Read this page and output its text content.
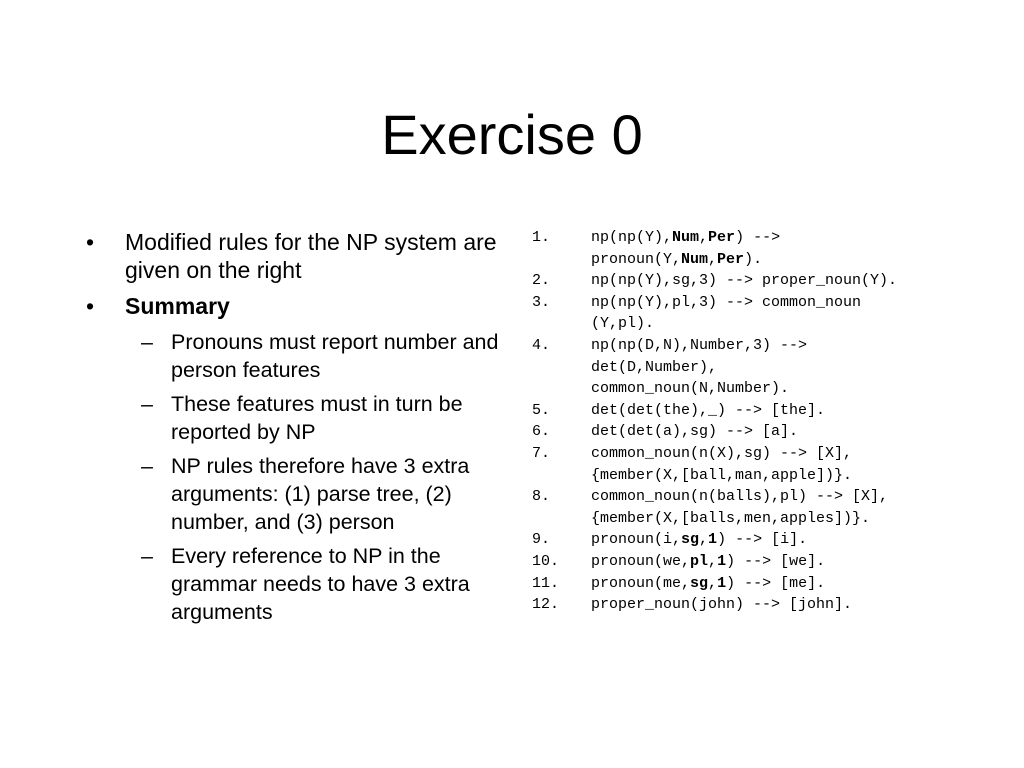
Exercise 0
•	Modified rules for the NP system are given on the right
•	Summary
– Pronouns must report number and person features
– These features must in turn be reported by NP
– NP rules therefore have 3 extra arguments: (1) parse tree, (2) number, and (3) person
– Every reference to NP in the grammar needs to have 3 extra arguments
1.	np(np(Y),Num,Per) -->
pronoun(Y,Num,Per).
2.	np(np(Y),sg,3) --> proper_noun(Y).
3.	np(np(Y),pl,3) --> common_noun
(Y,pl).
4.	np(np(D,N),Number,3) -->
det(D,Number),
common_noun(N,Number).
5.	det(det(the),_) --> [the].
6.	det(det(a),sg) --> [a].
7.	common_noun(n(X),sg) --> [X],
{member(X,[ball,man,apple])}.
8.	common_noun(n(balls),pl) --> [X],
{member(X,[balls,men,apples])}.
9.	pronoun(i,sg,1) --> [i].
10.	pronoun(we,pl,1) --> [we].
11.	pronoun(me,sg,1) --> [me].
12.	proper_noun(john) --> [john].
